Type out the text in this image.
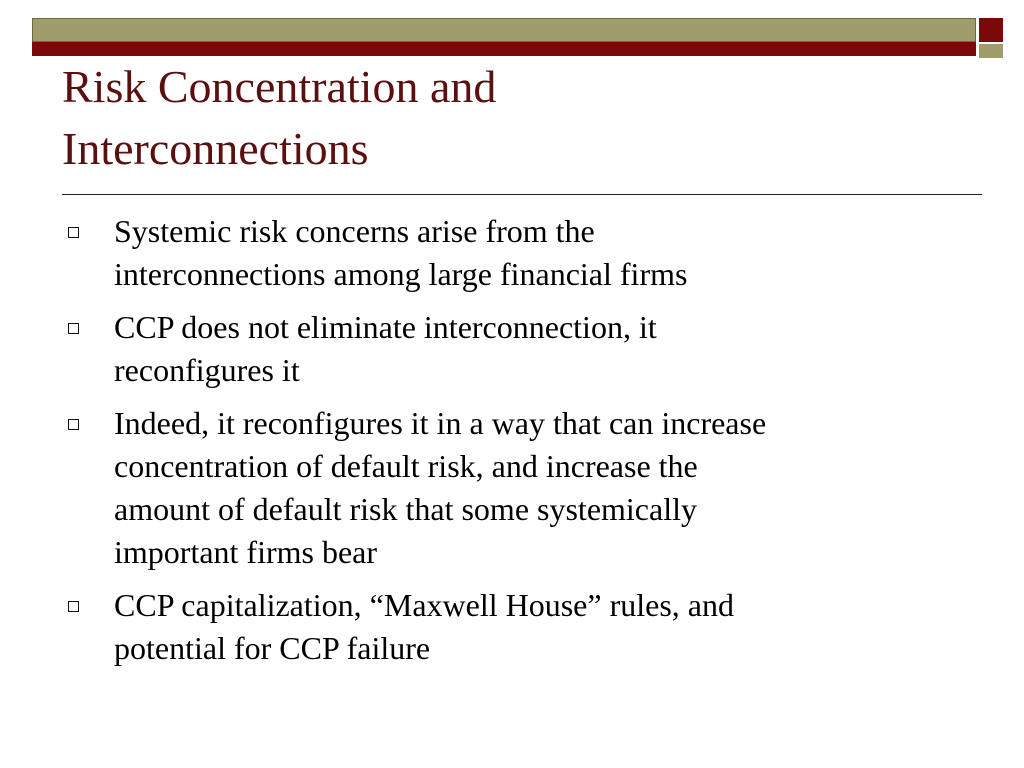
Risk Concentration and
Interconnections
Systemic risk concerns arise from the
interconnections among large financial firms
CCP does not eliminate interconnection, it
reconfigures it
Indeed, it reconfigures it in a way that can increase
concentration of default risk, and increase the
amount of default risk that some systemically
important firms bear
CCP capitalization, “Maxwell House” rules, and
potential for CCP failure
